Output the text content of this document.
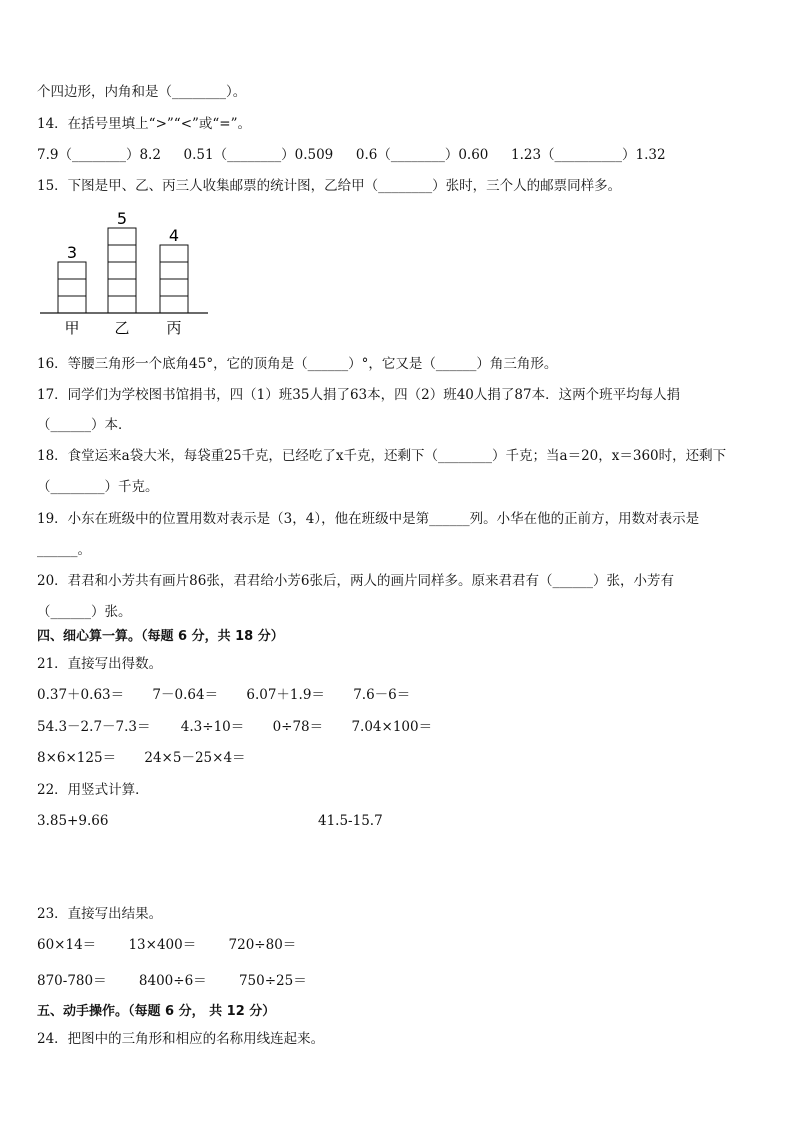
个四边形，内角和是（________）。
14．在括号里填上“>”“<”或“=”。
7.9（________）8.2 0.51（________）0.509 0.6（________）0.60 1.23（__________）1.32
15．下图是甲、乙、丙三人收集邮票的统计图，乙给甲（________）张时，三个人的邮票同样多。
3
甲
5
乙
4
丙
16．等腰三角形一个底角45°，它的顶角是（______）°，它又是（______）角三角形。
17．同学们为学校图书馆捐书，四（1）班35人捐了63本，四（2）班40人捐了87本．这两个班平均每人捐
（______）本．
18．食堂运来a袋大米，每袋重25千克，已经吃了x千克，还剩下（________）千克；当a＝20，x＝360时，还剩下
（________）千克。
19．小东在班级中的位置用数对表示是（3，4），他在班级中是第______列。小华在他的正前方，用数对表示是
______。
20．君君和小芳共有画片86张，君君给小芳6张后，两人的画片同样多。原来君君有（______）张，小芳有
（______）张。
四、细心算一算。（每题 6 分，共 18 分）
21．直接写出得数。
0.37＋0.63＝ 7－0.64＝ 6.07＋1.9＝ 7.6－6＝
54.3－2.7－7.3＝ 4.3÷10＝ 0÷78＝ 7.04×100＝
8×6×125＝ 24×5－25×4＝
22．用竖式计算．
3.85+9.66	41.5-15.7
23．直接写出结果。
60×14＝ 13×400＝ 720÷80＝
870-780＝ 8400÷6＝ 750÷25＝
五、动手操作。（每题 6 分， 共 12 分）
24．把图中的三角形和相应的名称用线连起来。
